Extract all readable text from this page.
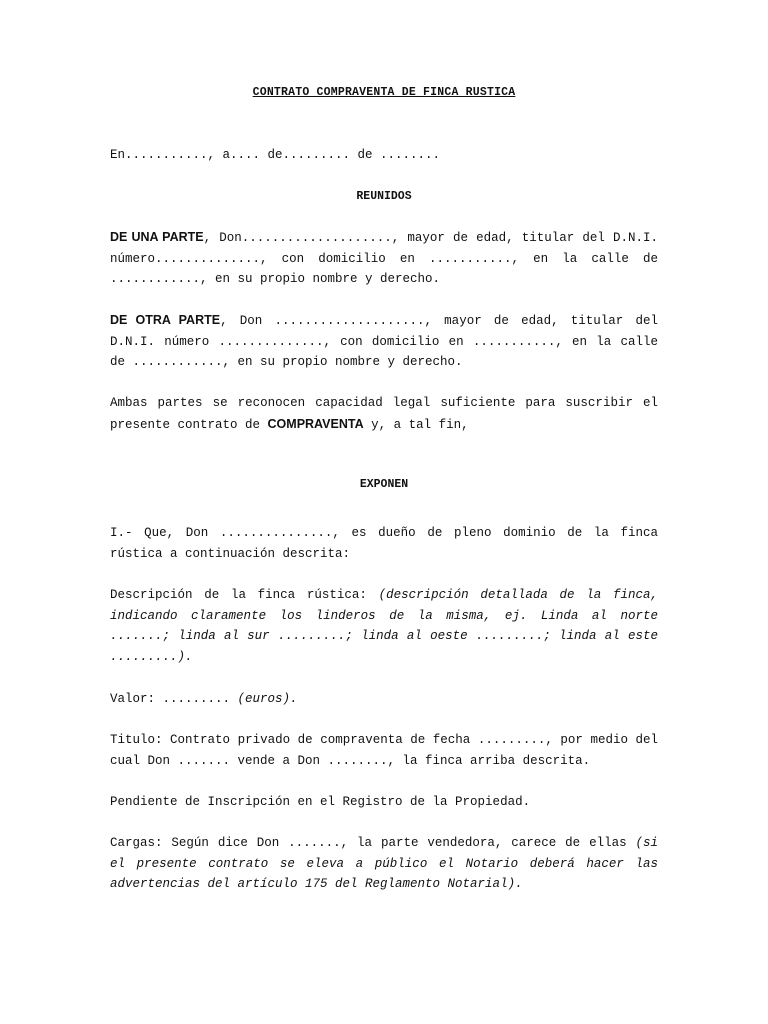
CONTRATO COMPRAVENTA DE FINCA RUSTICA

En..........., a.... de......... de ........

REUNIDOS

DE UNA PARTE, Don...................., mayor de edad, titular del D.N.I. número.............., con domicilio en ..........., en la calle de ............, en su propio nombre y derecho.

DE OTRA PARTE, Don ...................., mayor de edad, titular del D.N.I. número .............., con domicilio en ..........., en la calle de ............, en su propio nombre y derecho.

Ambas partes se reconocen capacidad legal suficiente para suscribir el presente contrato de COMPRAVENTA y, a tal fin,

EXPONEN

I.- Que, Don ..............., es dueño de pleno dominio de la finca rústica a continuación descrita:

Descripción de la finca rústica: (descripción detallada de la finca, indicando claramente los linderos de la misma, ej. Linda al norte .......; linda al sur .........; linda al oeste .........; linda al este .........).

Valor: ......... (euros).

Titulo: Contrato privado de compraventa de fecha ........., por medio del cual Don ....... vende a Don ........, la finca arriba descrita.

Pendiente de Inscripción en el Registro de la Propiedad.

Cargas: Según dice Don ......., la parte vendedora, carece de ellas (si el presente contrato se eleva a público el Notario deberá hacer las advertencias del artículo 175 del Reglamento Notarial).
